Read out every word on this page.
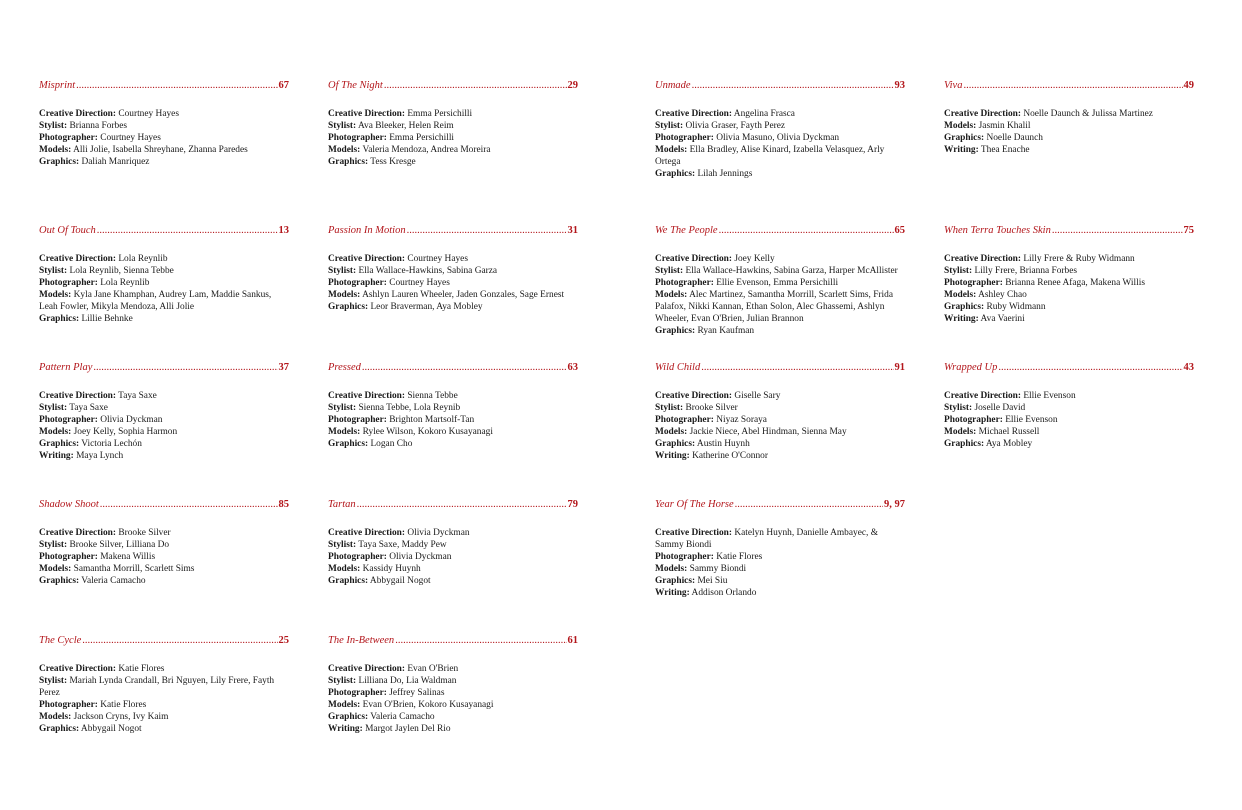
Misprint .....	67
Creative Direction: Courtney Hayes
Stylist: Brianna Forbes
Photographer: Courtney Hayes
Models: Alli Jolie, Isabella Shreyhane, Zhanna Paredes
Graphics: Daliah Manriquez
Out Of Touch .....	13
Creative Direction: Lola Reynlib
Stylist: Lola Reynlib, Sienna Tebbe
Photographer: Lola Reynlib
Models: Kyla Jane Khamphan, Audrey Lam, Maddie Sankus, Leah Fowler, Mikyla Mendoza, Alli Jolie
Graphics: Lillie Behnke
Pattern Play .....	37
Creative Direction: Taya Saxe
Stylist: Taya Saxe
Photographer: Olivia Dyckman
Models: Joey Kelly, Sophia Harmon
Graphics: Victoria Lechón
Writing: Maya Lynch
Shadow Shoot .....	85
Creative Direction: Brooke Silver
Stylist: Brooke Silver, Lilliana Do
Photographer: Makena Willis
Models: Samantha Morrill, Scarlett Sims
Graphics: Valeria Camacho
The Cycle .....	25
Creative Direction: Katie Flores
Stylist: Mariah Lynda Crandall, Bri Nguyen, Lily Frere, Fayth Perez
Photographer: Katie Flores
Models: Jackson Cryns, Ivy Kaim
Graphics: Abbygail Nogot
Of The Night .....	29
Creative Direction: Emma Persichilli
Stylist: Ava Bleeker, Helen Reim
Photographer: Emma Persichilli
Models: Valeria Mendoza, Andrea Moreira
Graphics: Tess Kresge
Passion In Motion .....	31
Creative Direction: Courtney Hayes
Stylist: Ella Wallace-Hawkins, Sabina Garza
Photographer: Courtney Hayes
Models: Ashlyn Lauren Wheeler, Jaden Gonzales, Sage Ernest
Graphics: Leor Braverman, Aya Mobley
Pressed .....	63
Creative Direction: Sienna Tebbe
Stylist: Sienna Tebbe, Lola Reynib
Photographer: Brighton Martsolf-Tan
Models: Rylee Wilson, Kokoro Kusayanagi
Graphics: Logan Cho
Tartan .....	79
Creative Direction: Olivia Dyckman
Stylist: Taya Saxe, Maddy Pew
Photographer: Olivia Dyckman
Models: Kassidy Huynh
Graphics: Abbygail Nogot
The In-Between .....	61
Creative Direction: Evan O'Brien
Stylist: Lilliana Do, Lia Waldman
Photographer: Jeffrey Salinas
Models: Evan O'Brien, Kokoro Kusayanagi
Graphics: Valeria Camacho
Writing: Margot Jaylen Del Rio
Unmade .....	93
Creative Direction: Angelina Frasca
Stylist: Olivia Graser, Fayth Perez
Photographer: Olivia Masuno, Olivia Dyckman
Models: Ella Bradley, Alise Kinard, Izabella Velasquez, Arly Ortega
Graphics: Lilah Jennings
We The People .....	65
Creative Direction: Joey Kelly
Stylist: Ella Wallace-Hawkins, Sabina Garza, Harper McAllister
Photographer: Ellie Evenson, Emma Persichilli
Models: Alec Martinez, Samantha Morrill, Scarlett Sims, Frida Palafox, Nikki Kannan, Ethan Solon, Alec Ghassemi, Ashlyn Wheeler, Evan O'Brien, Julian Brannon
Graphics: Ryan Kaufman
Wild Child .....	91
Creative Direction: Giselle Sary
Stylist: Brooke Silver
Photographer: Niyaz Soraya
Models: Jackie Niece, Abel Hindman, Sienna May
Graphics: Austin Huynh
Writing: Katherine O'Connor
Year Of The Horse .....	9, 97
Creative Direction: Katelyn Huynh, Danielle Ambayec, & Sammy Biondi
Photographer: Katie Flores
Models: Sammy Biondi
Graphics: Mei Siu
Writing: Addison Orlando
Viva .....	49
Creative Direction: Noelle Daunch & Julissa Martinez
Models: Jasmin Khalil
Graphics: Noelle Daunch
Writing: Thea Enache
When Terra Touches Skin .....	75
Creative Direction: Lilly Frere & Ruby Widmann
Stylist: Lilly Frere, Brianna Forbes
Photographer: Brianna Renee Afaga, Makena Willis
Models: Ashley Chao
Graphics: Ruby Widmann
Writing: Ava Vaerini
Wrapped Up .....	43
Creative Direction: Ellie Evenson
Stylist: Joselle David
Photographer: Ellie Evenson
Models: Michael Russell
Graphics: Aya Mobley
